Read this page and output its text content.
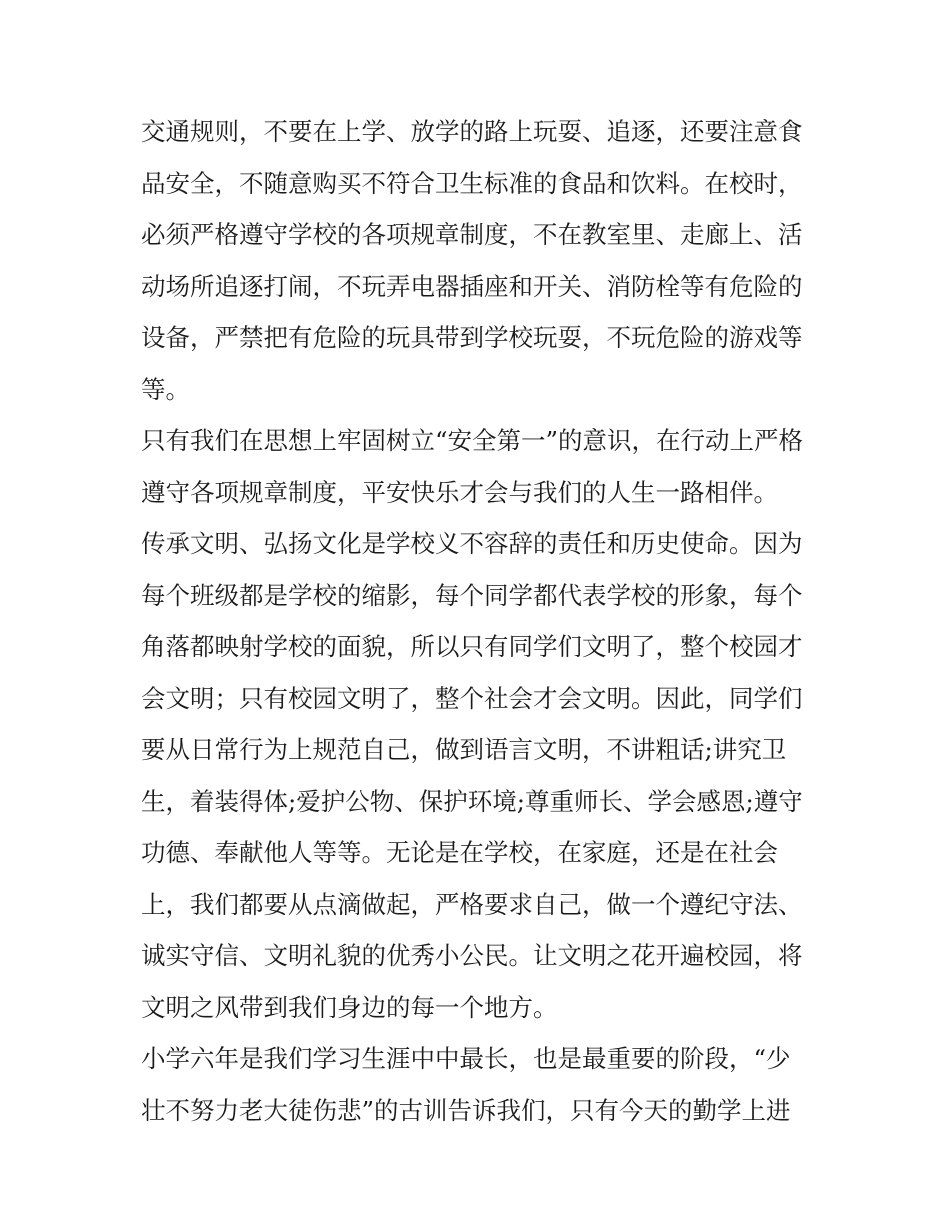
交通规则，不要在上学、放学的路上玩耍、追逐，还要注意食
品安全，不随意购买不符合卫生标准的食品和饮料。在校时，
必须严格遵守学校的各项规章制度，不在教室里、走廊上、活
动场所追逐打闹，不玩弄电器插座和开关、消防栓等有危险的
设备，严禁把有危险的玩具带到学校玩耍，不玩危险的游戏等
等。
只有我们在思想上牢固树立“安全第一”的意识，在行动上严格
遵守各项规章制度，平安快乐才会与我们的人生一路相伴。
传承文明、弘扬文化是学校义不容辞的责任和历史使命。因为
每个班级都是学校的缩影，每个同学都代表学校的形象，每个
角落都映射学校的面貌，所以只有同学们文明了，整个校园才
会文明；只有校园文明了，整个社会才会文明。因此，同学们
要从日常行为上规范自己，做到语言文明，不讲粗话;讲究卫
生，着装得体;爱护公物、保护环境;尊重师长、学会感恩;遵守
功德、奉献他人等等。无论是在学校，在家庭，还是在社会
上，我们都要从点滴做起，严格要求自己，做一个遵纪守法、
诚实守信、文明礼貌的优秀小公民。让文明之花开遍校园，将
文明之风带到我们身边的每一个地方。
小学六年是我们学习生涯中中最长，也是最重要的阶段，“少
壮不努力老大徒伤悲”的古训告诉我们，只有今天的勤学上进
